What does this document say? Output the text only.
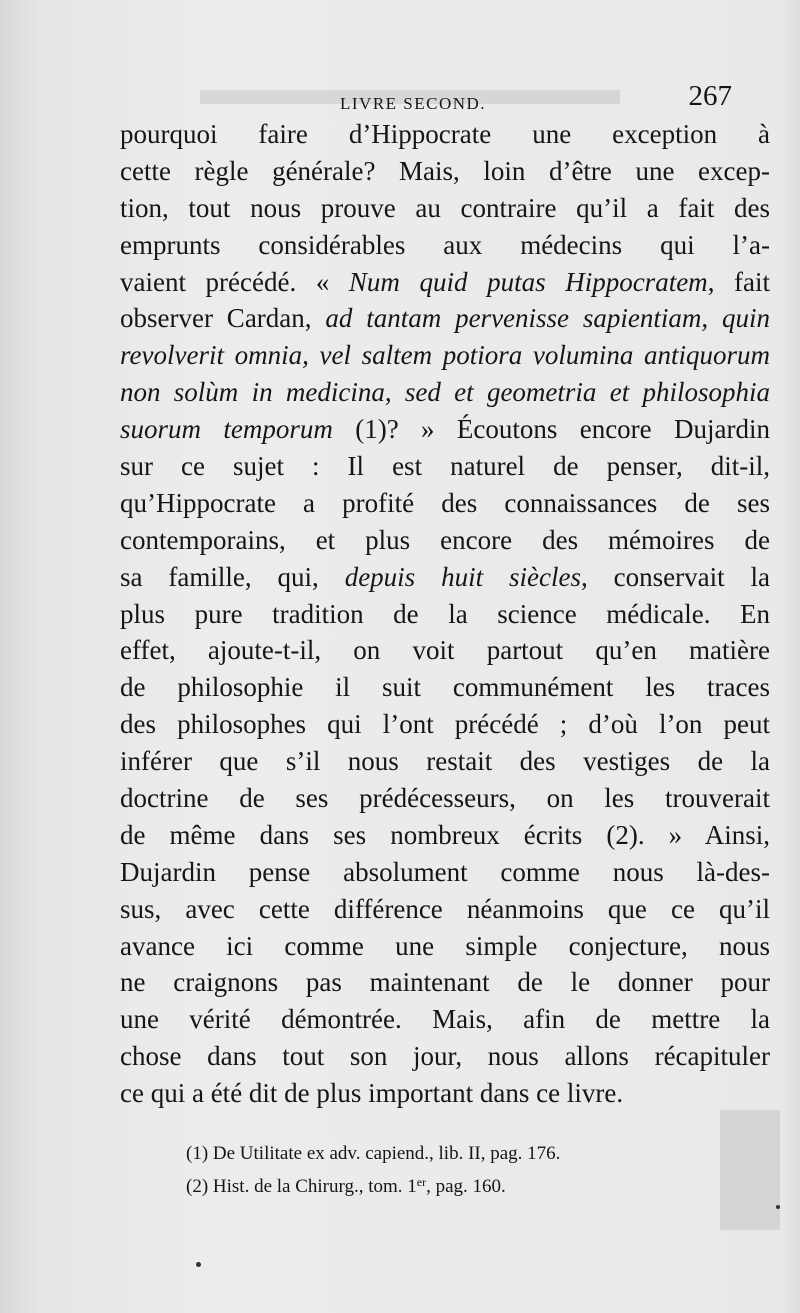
LIVRE SECOND.	267
pourquoi faire d’Hippocrate une exception à
cette règle générale? Mais, loin d’être une excep-
tion, tout nous prouve au contraire qu’il a fait des
emprunts considérables aux médecins qui l’a-
vaient précédé. « Num quid putas Hippocratem, fait
observer Cardan, ad tantam pervenisse sapientiam, quin
revolverit omnia, vel saltem potiora volumina antiquorum
non solùm in medicina, sed et geometria et philosophia
suorum temporum (1)? » Écoutons encore Dujardin
sur ce sujet : Il est naturel de penser, dit-il,
qu’Hippocrate a profité des connaissances de ses
contemporains, et plus encore des mémoires de
sa famille, qui, depuis huit siècles, conservait la
plus pure tradition de la science médicale. En
effet, ajoute-t-il, on voit partout qu’en matière
de philosophie il suit communément les traces
des philosophes qui l’ont précédé ; d’où l’on peut
inférer que s’il nous restait des vestiges de la
doctrine de ses prédécesseurs, on les trouverait
de même dans ses nombreux écrits (2). » Ainsi,
Dujardin pense absolument comme nous là-des-
sus, avec cette différence néanmoins que ce qu’il
avance ici comme une simple conjecture, nous
ne craignons pas maintenant de le donner pour
une vérité démontrée. Mais, afin de mettre la
chose dans tout son jour, nous allons récapituler
ce qui a été dit de plus important dans ce livre.
(1) De Utilitate ex adv. capiend., lib. II, pag. 176.
(2) Hist. de la Chirurg., tom. 1er, pag. 160.
